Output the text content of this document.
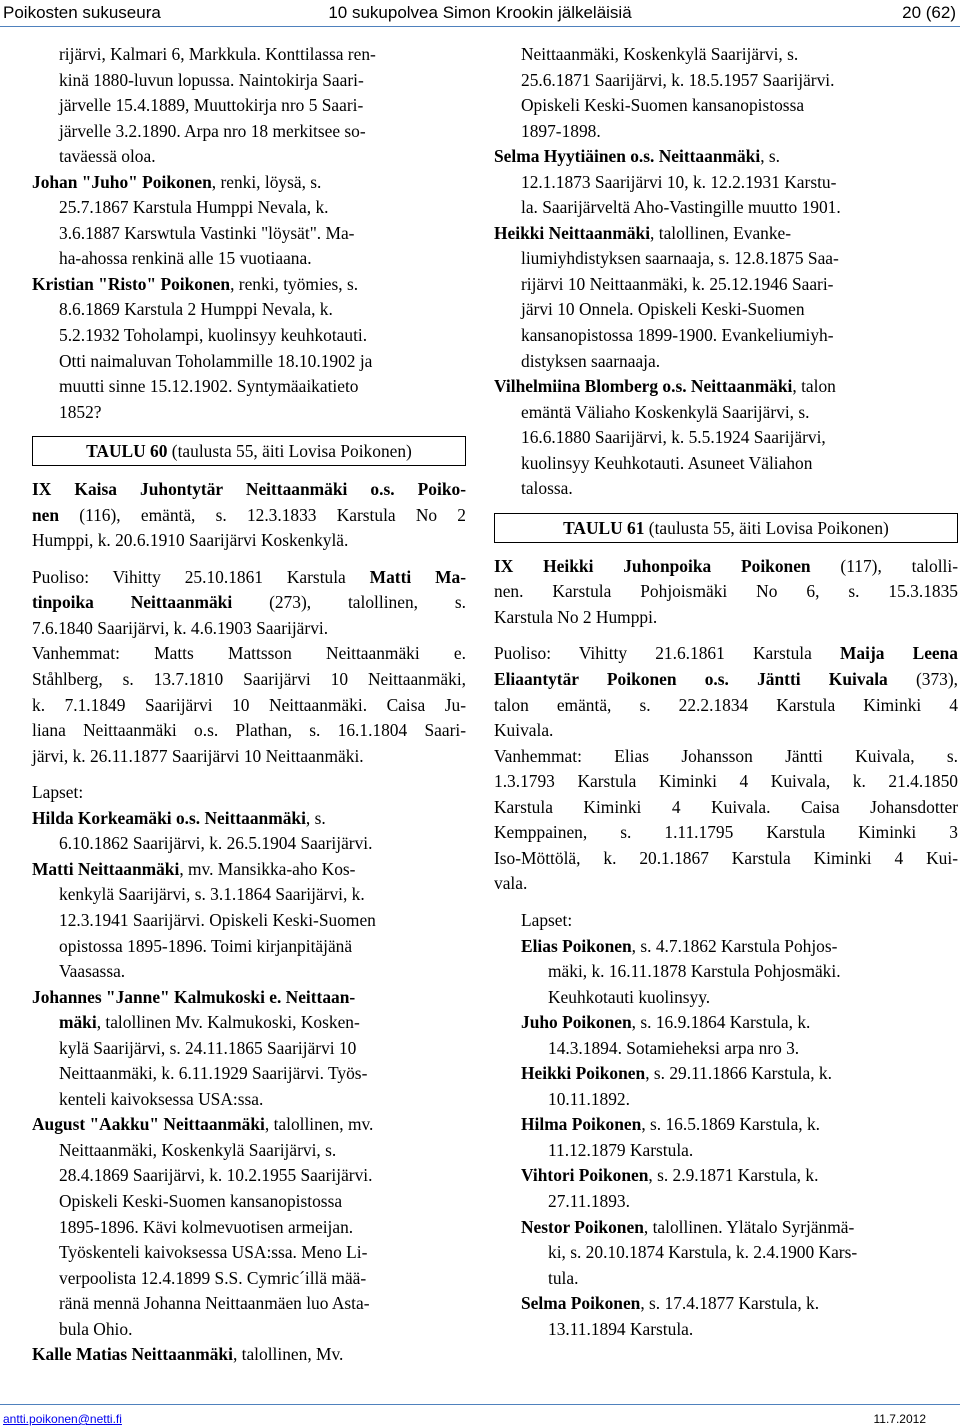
10 sukupolvea Simon Krookin jälkeläisiä
Poikosten sukuseura	20 (62)
rijärvi, Kalmari 6, Markkula. Konttilassa ren-
kinä 1880-luvun lopussa. Naintokirja Saari-
järvelle 15.4.1889, Muuttokirja nro 5 Saari-
järvelle 3.2.1890. Arpa nro 18 merkitsee so-
taväessä oloa.
Johan "Juho" Poikonen, renki, löysä, s.
25.7.1867 Karstula Humppi Nevala, k.
3.6.1887 Karswtula Vastinki "löysät". Ma-
ha-ahossa renkinä alle 15 vuotiaana.
Kristian "Risto" Poikonen, renki, työmies, s.
8.6.1869 Karstula 2 Humppi Nevala, k.
5.2.1932 Toholampi, kuolinsyy keuhkotauti.
Otti naimaluvan Toholammille 18.10.1902 ja
muutti sinne 15.12.1902. Syntymäaikatieto
1852?
TAULU 60 (taulusta 55, äiti Lovisa Poikonen)
IX Kaisa Juhontytär Neittaanmäki o.s. Poiko-
nen (116), emäntä, s. 12.3.1833 Karstula No 2
Humppi, k. 20.6.1910 Saarijärvi Koskenkylä.
Puoliso: Vihitty 25.10.1861 Karstula Matti Ma-
tinpoika Neittaanmäki (273), talollinen, s.
7.6.1840 Saarijärvi, k. 4.6.1903 Saarijärvi.
Vanhemmat: Matts Mattsson Neittaanmäki e.
Ståhlberg, s. 13.7.1810 Saarijärvi 10 Neittaanmäki,
k. 7.1.1849 Saarijärvi 10 Neittaanmäki. Caisa Ju-
liana Neittaanmäki o.s. Plathan, s. 16.1.1804 Saari-
järvi, k. 26.11.1877 Saarijärvi 10 Neittaanmäki.
Lapset:
Hilda Korkeamäki o.s. Neittaanmäki, s.
6.10.1862 Saarijärvi, k. 26.5.1904 Saarijärvi.
Matti Neittaanmäki, mv. Mansikka-aho Kos-
kenkylä Saarijärvi, s. 3.1.1864 Saarijärvi, k.
12.3.1941 Saarijärvi. Opiskeli Keski-Suomen
opistossa 1895-1896. Toimi kirjanpitäjänä
Vaasassa.
Johannes "Janne" Kalmukoski e. Neittaan-
mäki, talollinen Mv. Kalmukoski, Kosken-
kylä Saarijärvi, s. 24.11.1865 Saarijärvi 10
Neittaanmäki, k. 6.11.1929 Saarijärvi. Työs-
kenteli kaivoksessa USA:ssa.
August "Aakku" Neittaanmäki, talollinen, mv.
Neittaanmäki, Koskenkylä Saarijärvi, s.
28.4.1869 Saarijärvi, k. 10.2.1955 Saarijärvi.
Opiskeli Keski-Suomen kansanopistossa
1895-1896. Kävi kolmevuotisen armeijan.
Työskenteli kaivoksessa USA:ssa. Meno Li-
verpoolista 12.4.1899 S.S. Cymric´illä mää-
ränä mennä Johanna Neittaanmäen luo Asta-
bula Ohio.
Kalle Matias Neittaanmäki, talollinen, Mv.
Neittaanmäki, Koskenkylä Saarijärvi, s.
25.6.1871 Saarijärvi, k. 18.5.1957 Saarijärvi.
Opiskeli Keski-Suomen kansanopistossa
1897-1898.
Selma Hyytiäinen o.s. Neittaanmäki, s.
12.1.1873 Saarijärvi 10, k. 12.2.1931 Karstu-
la. Saarijärveltä Aho-Vastingille muutto 1901.
Heikki Neittaanmäki, talollinen, Evanke-
liumiyhdistyksen saarnaaja, s. 12.8.1875 Saa-
rijärvi 10 Neittaanmäki, k. 25.12.1946 Saari-
järvi 10 Onnela. Opiskeli Keski-Suomen
kansanopistossa 1899-1900. Evankeliumiyh-
distyksen saarnaaja.
Vilhelmiina Blomberg o.s. Neittaanmäki, talon
emäntä Väliaho Koskenkylä Saarijärvi, s.
16.6.1880 Saarijärvi, k. 5.5.1924 Saarijärvi,
kuolinsyy Keuhkotauti. Asuneet Väliahon
talossa.
TAULU 61 (taulusta 55, äiti Lovisa Poikonen)
IX Heikki Juhonpoika Poikonen (117), talolli-
nen. Karstula Pohjoismäki No 6, s. 15.3.1835
Karstula No 2 Humppi.
Puoliso: Vihitty 21.6.1861 Karstula Maija Leena
Eliaantytär Poikonen o.s. Jäntti Kuivala (373),
talon emäntä, s. 22.2.1834 Karstula Kiminki 4
Kuivala.
Vanhemmat: Elias Johansson Jäntti Kuivala, s.
1.3.1793 Karstula Kiminki 4 Kuivala, k. 21.4.1850
Karstula Kiminki 4 Kuivala. Caisa Johansdotter
Kemppainen, s. 1.11.1795 Karstula Kiminki 3
Iso-Möttölä, k. 20.1.1867 Karstula Kiminki 4 Kui-
vala.
Lapset:
Elias Poikonen, s. 4.7.1862 Karstula Pohjos-
mäki, k. 16.11.1878 Karstula Pohjosmäki.
Keuhkotauti kuolinsyy.
Juho Poikonen, s. 16.9.1864 Karstula, k.
14.3.1894. Sotamieheksi arpa nro 3.
Heikki Poikonen, s. 29.11.1866 Karstula, k.
10.11.1892.
Hilma Poikonen, s. 16.5.1869 Karstula, k.
11.12.1879 Karstula.
Vihtori Poikonen, s. 2.9.1871 Karstula, k.
27.11.1893.
Nestor Poikonen, talollinen. Ylätalo Syrjänmä-
ki, s. 20.10.1874 Karstula, k. 2.4.1900 Kars-
tula.
Selma Poikonen, s. 17.4.1877 Karstula, k.
13.11.1894 Karstula.
antti.poikonen@netti.fi	11.7.2012
